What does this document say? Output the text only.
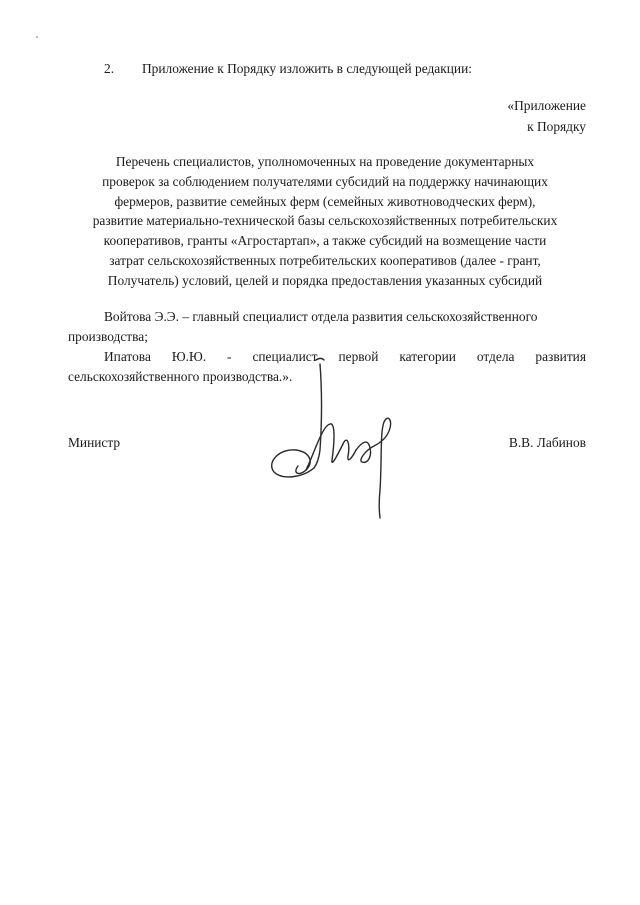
2. Приложение к Порядку изложить в следующей редакции:
«Приложение
к Порядку
Перечень специалистов, уполномоченных на проведение документарных
проверок за соблюдением получателями субсидий на поддержку начинающих
фермеров, развитие семейных ферм (семейных животноводческих ферм),
развитие материально-технической базы сельскохозяйственных потребительских
кооперативов, гранты «Агростартап», а также субсидий на возмещение части
затрат сельскохозяйственных потребительских кооперативов (далее - грант,
Получатель) условий, целей и порядка предоставления указанных субсидий
Войтова Э.Э. – главный специалист отдела развития сельскохозяйственного
производства;
Ипатова Ю.Ю. - специалист первой категории отдела развития
сельскохозяйственного производства.».
Министр	В.В. Лабинов
